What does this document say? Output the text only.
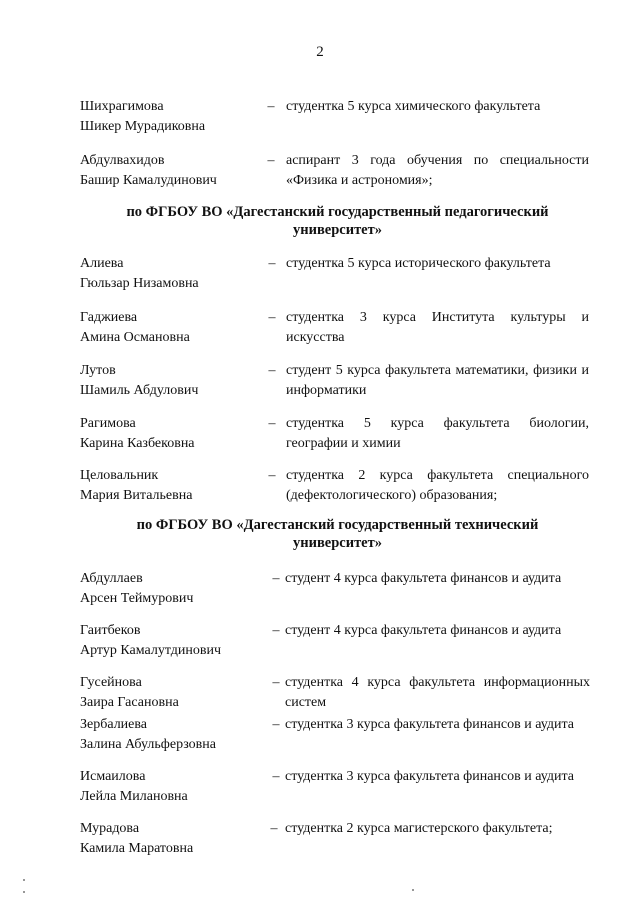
2
Шихрагимова
Шикер Мурадиковна
– студентка 5 курса химического факультета
Абдулвахидов
Башир Камалудинович
– аспирант 3 года обучения по специальности «Физика и астрономия»;
по ФГБОУ ВО «Дагестанский государственный педагогический
университет»
Алиева
Гюльзар Низамовна
– студентка 5 курса исторического факультета
Гаджиева
Амина Османовна
– студентка 3 курса Института культуры и искусства
Лутов
Шамиль Абдулович
– студент 5 курса факультета математики, физики и информатики
Рагимова
Карина Казбековна
– студентка 5 курса факультета биологии, географии и химии
Целовальник
Мария Витальевна
– студентка 2 курса факультета специального (дефектологического) образования;
по ФГБОУ ВО «Дагестанский государственный технический
университет»
Абдуллаев
Арсен Теймурович
– студент 4 курса факультета финансов и аудита
Гаитбеков
Артур Камалутдинович
– студент 4 курса факультета финансов и аудита
Гусейнова
Заира Гасановна
– студентка 4 курса факультета информационных систем
Зербалиева
Залина Абульферзовна
– студентка 3 курса факультета финансов и аудита
Исмаилова
Лейла Милановна
– студентка 3 курса факультета финансов и аудита
Мурадова
Камила Маратовна
– студентка 2 курса магистерского факультета;
